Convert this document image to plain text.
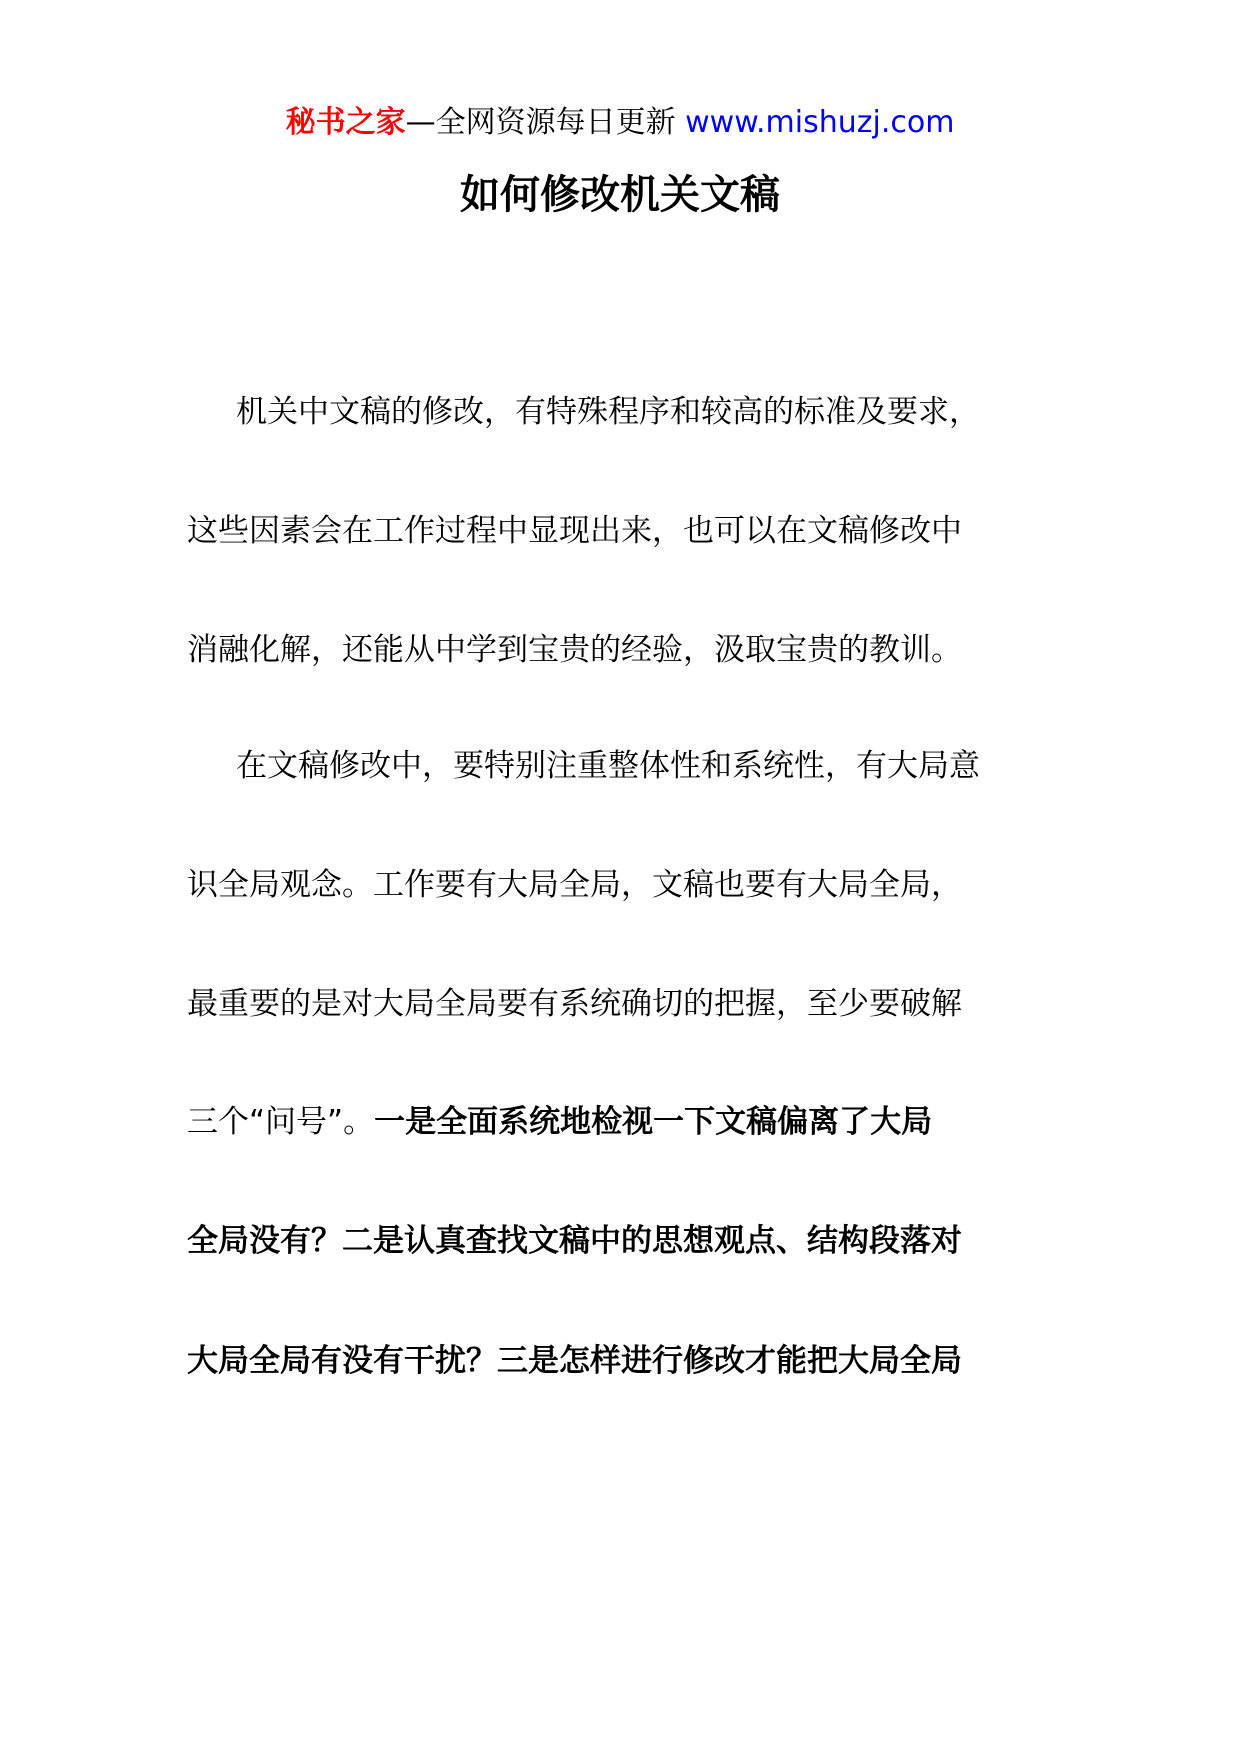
秘书之家—全网资源每日更新 www.mishuzj.com
如何修改机关文稿

机关中文稿的修改，有特殊程序和较高的标准及要求，

这些因素会在工作过程中显现出来，也可以在文稿修改中

消融化解，还能从中学到宝贵的经验，汲取宝贵的教训。

在文稿修改中，要特别注重整体性和系统性，有大局意

识全局观念。工作要有大局全局，文稿也要有大局全局，

最重要的是对大局全局要有系统确切的把握，至少要破解

三个“问号”。一是全面系统地检视一下文稿偏离了大局

全局没有？二是认真查找文稿中的思想观点、结构段落对

大局全局有没有干扰？三是怎样进行修改才能把大局全局
